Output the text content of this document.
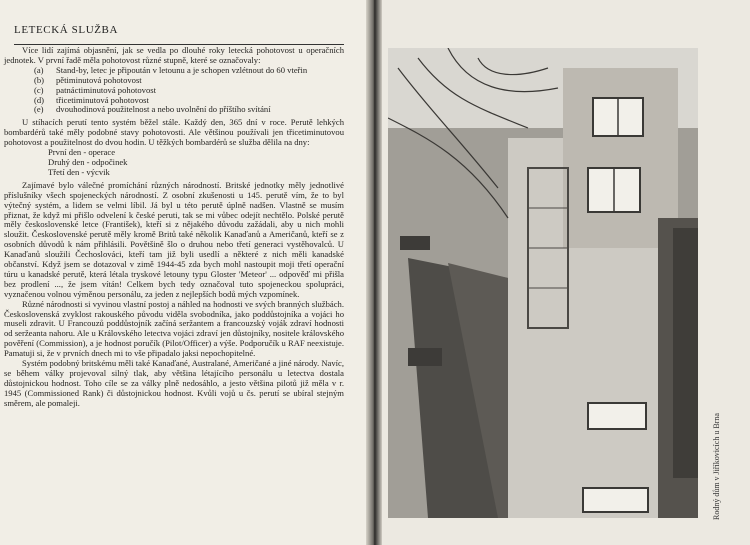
LETECKÁ SLUŽBA

Více lidí zajímá objasnění, jak se vedla po dlouhé roky letecká pohotovost u operačních jednotek. V první řadě měla pohotovost různé stupně, které se označovaly:

(a) Stand-by, letec je připoután v letounu a je schopen vzlétnout do 60 vteřin
(b) pětiminutová pohotovost
(c) patnáctiminutová pohotovost
(d) třicetiminutová pohotovost
(e) dvouhodinová použitelnost a nebo uvolnění do příštího svítání

U stíhacích perutí tento systém běžel stále. Každý den, 365 dní v roce. Perutě lehkých bombardérů také měly podobné stavy pohotovosti. Ale většinou používali jen třicetiminutovou pohotovost a použitelnost do dvou hodin. U těžkých bombardérů se služba dělila na dny:

První den - operace
Druhý den - odpočinek
Třetí den - výcvik

Zajímavé bylo válečné promíchání různých národností. Britské jednotky měly jednotlivé příslušníky všech spojeneckých národností. Z osobní zkušenosti u 145. perutě vím, že to byl výtečný systém, a lidem se velmi líbil. Já byl u této perutě úplně nadšen. Vlastně se musím přiznat, že když mi přišlo odvelení k české peruti, tak se mi vůbec odejít nechtělo. Polské perutě měly československé letce (František), kteří si z nějakého důvodu zažádali, aby u nich mohli sloužit. Československé perutě měly kromě Britů také několik Kanaďanů a Američanů, kteří se z osobních důvodů k nám přihlásili. Povětšině šlo o druhou nebo třetí generaci vystěhovalců. U Kanaďanů sloužili Čechoslováci, kteří tam již byli usedlí a některé z nich měli kanadské občanství. Když jsem se dotazoval v zimě 1944-45 zda bych mohl nastoupit moji třetí operační túru u kanadské perutě, která létala tryskové letouny typu Gloster 'Meteor' ... odpověď mi přišla bez prodlení ..., že jsem vítán! Celkem bych tedy označoval tuto spojeneckou spolupráci, vyznačenou volnou výměnou personálu, za jeden z nejlepších bodů mých vzpomínek.

Různé národnosti si vyvinou vlastní postoj a náhled na hodnosti ve svých branných službách. Československá zvyklost rakouského původu viděla svobodníka, jako poddůstojníka a vojáci ho museli zdravit. U Francouzů poddůstojník začíná seržantem a francouzský voják zdraví hodnosti od seržeanta nahoru. Ale u Královského letectva vojáci zdraví jen důstojníky, nositele královského pověření (Commission), a je hodnost poručík (Pilot/Officer) a výše. Podporučík u RAF neexistuje. Pamatuji si, že v prvních dnech mi to vše připadalo jaksi nepochopitelné.

Systém podobný britskému měli také Kanaďané, Australané, Američané a jiné národy. Navíc, se během války projevoval silný tlak, aby většina létajícího personálu u letectva dostala důstojnickou hodnost. Toho cíle se za války plně nedosáhlo, a jesto většina pilotů již měla v r. 1945 (Commissioned Rank) či důstojnickou hodnost. Kvůli vojů u čs. perutí se ubíral stejným směrem, ale pomaleji.

Rodný dům v Jiříkovicích u Brna
